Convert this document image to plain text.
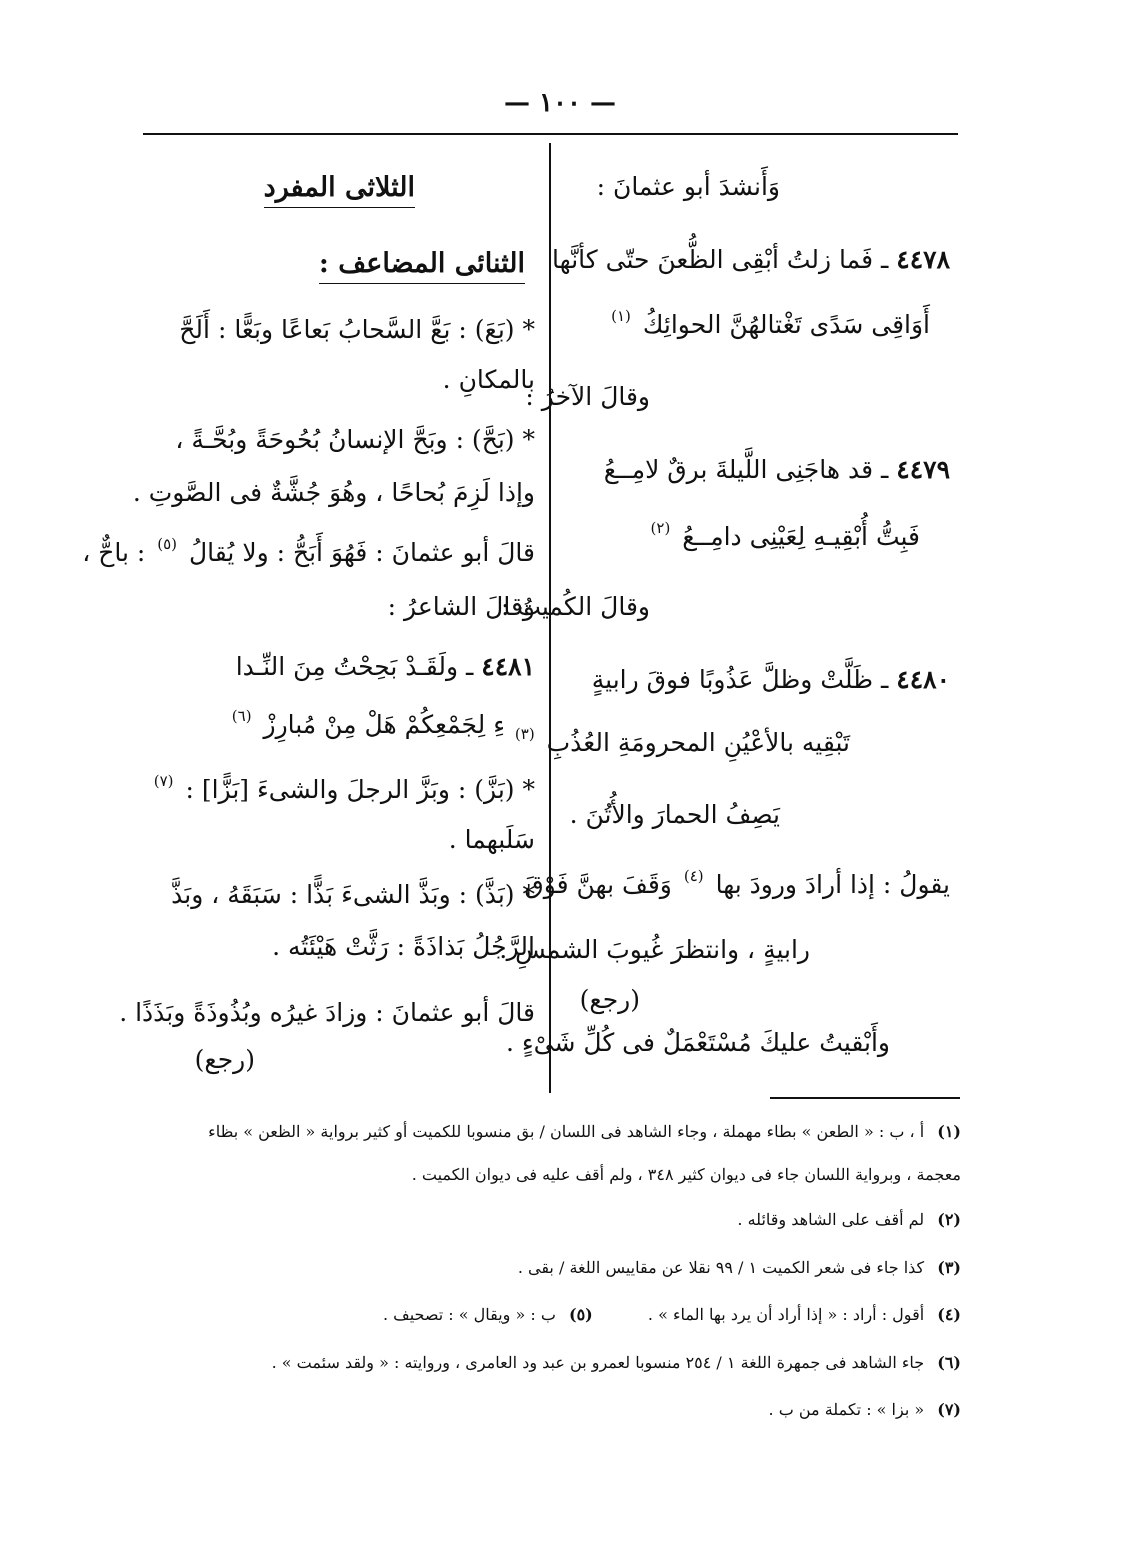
— ١٠٠ —
وَأَنشدَ أبو عثمانَ :
٤٤٧٨ ـ فَما زلتُ أبْقِى الظُّعنَ حتّى كأنَّها
أَوَاقِى سَدًى تَغْتالهُنَّ الحوائِكُ $^{(١)}$
وقالَ الآخرُ :
٤٤٧٩ ـ قد هاجَنِى اللَّيلةَ برقٌ لامِــعُ
فَبِتُّ أُبْقِيـهِ لِعَيْنِى دامِــعُ $^{(٢)}$
وقالَ الكُميتُ :
٤٤٨٠ ـ ظَلَّتْ وظلَّ عَذُوبًا فوقَ رابيةٍ
تَبْقِيه بالأعْيُنِ المحرومَةِ العُذُبِ $^{(٣)}$
يَصِفُ الحمارَ والأُتُنَ .
يقولُ : إذا أرادَ ورودَ بها $^{(٤)}$ وَقَفَ بهنَّ فَوْقَ
رابيةٍ ، وانتظرَ غُيوبَ الشمسِ .
(رجع)
وأَبْقيتُ عليكَ مُسْتَعْمَلٌ فى كُلِّ شَىْءٍ .
الثلاثى المفرد
الثنائى المضاعف :
* (بَعَ) : بَعَّ السَّحابُ بَعاعًا وبَعًّا : أَلَحَّ
بالمكانِ .
* (بَحَّ) : وبَحَّ الإنسانُ بُحُوحَةً وبُحَّـةً ،
وإذا لَزِمَ بُحاحًا ، وهُوَ جُشَّةٌ فى الصَّوتِ .
قالَ أبو عثمانَ : فَهُوَ أَبَحُّ : ولا يُقالُ $^{(٥)}$ : باحٌّ ،
وقالَ الشاعرُ :
٤٤٨١ ـ ولَقَـدْ بَحِحْتُ مِنَ النِّـدا
ءِ لِجَمْعِكُمْ هَلْ مِنْ مُبارِزْ $^{(٦)}$
* (بَزَّ) : وبَزَّ الرجلَ والشىءَ [بَزًّا] : $^{(٧)}$
سَلَبهما .
* (بَذَّ) : وبَذَّ الشىءَ بَذًّا : سَبَقَهُ ، وبَذَّ
الرَّجُلُ بَذاذَةً : رَثَّتْ هَيْئَتُه .
قالَ أبو عثمانَ : وزادَ غيرُه وبُذُوذَةً وبَذَذًا .
(رجع)
(١) أ ، ب : « الطعن » بطاء مهملة ، وجاء الشاهد فى اللسان / بق منسوبا للكميت أو كثير برواية « الظعن » بظاء
معجمة ، وبرواية اللسان جاء فى ديوان كثير ٣٤٨ ، ولم أقف عليه فى ديوان الكميت .
(٢) لم أقف على الشاهد وقائله .
(٣) كذا جاء فى شعر الكميت ١ / ٩٩ نقلا عن مقاييس اللغة / بقى .
(٤) أقول : أراد : « إذا أراد أن يرد بها الماء » .  (٥) ب : « ويقال » : تصحيف .
(٦) جاء الشاهد فى جمهرة اللغة ١ / ٢٥٤ منسوبا لعمرو بن عبد ود العامرى ، وروايته : « ولقد سئمت » .
(٧) « بزا » : تكملة من ب .
